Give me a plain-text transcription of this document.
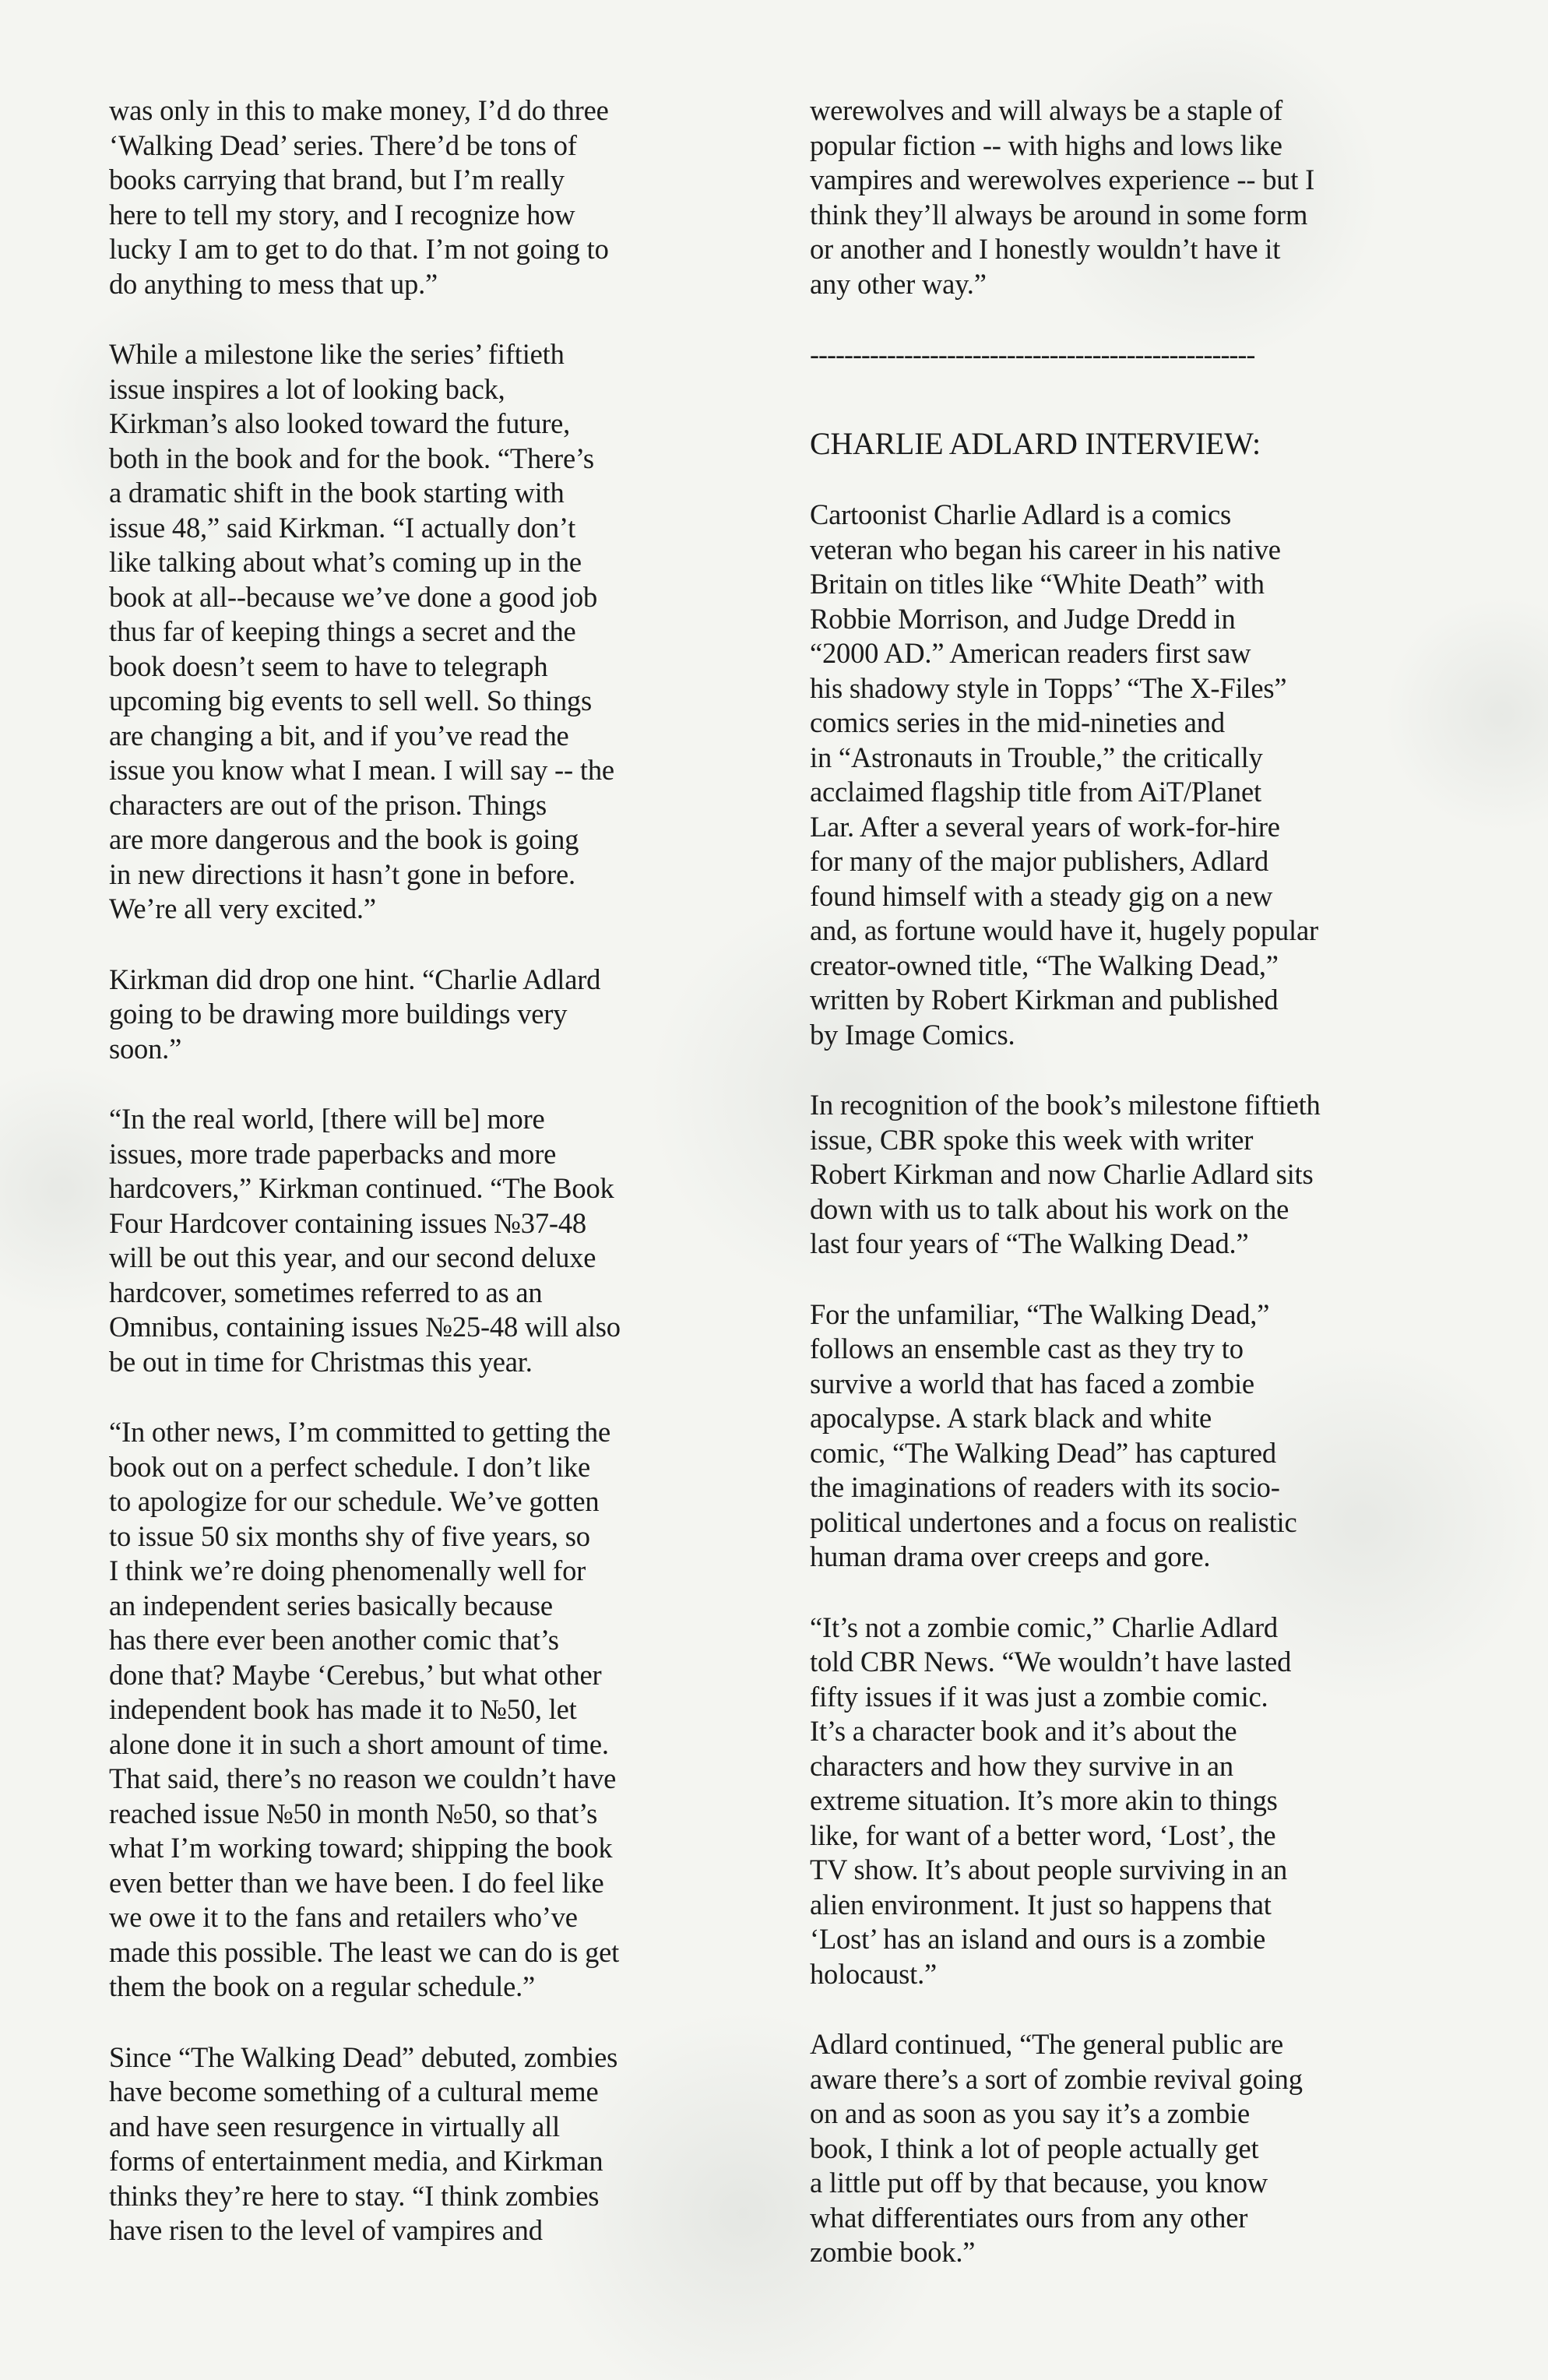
was only in this to make money, I’d do three
‘Walking Dead’ series. There’d be tons of
books carrying that brand, but I’m really
here to tell my story, and I recognize how
lucky I am to get to do that. I’m not going to
do anything to mess that up.”

While a milestone like the series’ fiftieth
issue inspires a lot of looking back,
Kirkman’s also looked toward the future,
both in the book and for the book. “There’s
a dramatic shift in the book starting with
issue 48,” said Kirkman. “I actually don’t
like talking about what’s coming up in the
book at all--because we’ve done a good job
thus far of keeping things a secret and the
book doesn’t seem to have to telegraph
upcoming big events to sell well. So things
are changing a bit, and if you’ve read the
issue you know what I mean. I will say -- the
characters are out of the prison. Things
are more dangerous and the book is going
in new directions it hasn’t gone in before.
We’re all very excited.”

Kirkman did drop one hint. “Charlie Adlard
going to be drawing more buildings very
soon.”

“In the real world, [there will be] more
issues, more trade paperbacks and more
hardcovers,” Kirkman continued. “The Book
Four Hardcover containing issues №37-48
will be out this year, and our second deluxe
hardcover, sometimes referred to as an
Omnibus, containing issues №25-48 will also
be out in time for Christmas this year.

“In other news, I’m committed to getting the
book out on a perfect schedule. I don’t like
to apologize for our schedule. We’ve gotten
to issue 50 six months shy of five years, so
I think we’re doing phenomenally well for
an independent series basically because
has there ever been another comic that’s
done that? Maybe ‘Cerebus,’ but what other
independent book has made it to №50, let
alone done it in such a short amount of time.
That said, there’s no reason we couldn’t have
reached issue №50 in month №50, so that’s
what I’m working toward; shipping the book
even better than we have been. I do feel like
we owe it to the fans and retailers who’ve
made this possible. The least we can do is get
them the book on a regular schedule.”

Since “The Walking Dead” debuted, zombies
have become something of a cultural meme
and have seen resurgence in virtually all
forms of entertainment media, and Kirkman
thinks they’re here to stay. “I think zombies
have risen to the level of vampires and

werewolves and will always be a staple of
popular fiction -- with highs and lows like
vampires and werewolves experience -- but I
think they’ll always be around in some form
or another and I honestly wouldn’t have it
any other way.”

----------------------------------------------------
CHARLIE ADLARD INTERVIEW:

Cartoonist Charlie Adlard is a comics
veteran who began his career in his native
Britain on titles like “White Death” with
Robbie Morrison, and Judge Dredd in
“2000 AD.” American readers first saw
his shadowy style in Topps’ “The X-Files”
comics series in the mid-nineties and
in “Astronauts in Trouble,” the critically
acclaimed flagship title from AiT/Planet
Lar. After a several years of work-for-hire
for many of the major publishers, Adlard
found himself with a steady gig on a new
and, as fortune would have it, hugely popular
creator-owned title, “The Walking Dead,”
written by Robert Kirkman and published
by Image Comics.

In recognition of the book’s milestone fiftieth
issue, CBR spoke this week with writer
Robert Kirkman and now Charlie Adlard sits
down with us to talk about his work on the
last four years of “The Walking Dead.”

For the unfamiliar, “The Walking Dead,”
follows an ensemble cast as they try to
survive a world that has faced a zombie
apocalypse. A stark black and white
comic, “The Walking Dead” has captured
the imaginations of readers with its socio-
political undertones and a focus on realistic
human drama over creeps and gore.

“It’s not a zombie comic,” Charlie Adlard
told CBR News. “We wouldn’t have lasted
fifty issues if it was just a zombie comic.
It’s a character book and it’s about the
characters and how they survive in an
extreme situation. It’s more akin to things
like, for want of a better word, ‘Lost’, the
TV show. It’s about people surviving in an
alien environment. It just so happens that
‘Lost’ has an island and ours is a zombie
holocaust.”

Adlard continued, “The general public are
aware there’s a sort of zombie revival going
on and as soon as you say it’s a zombie
book, I think a lot of people actually get
a little put off by that because, you know
what differentiates ours from any other
zombie book.”
